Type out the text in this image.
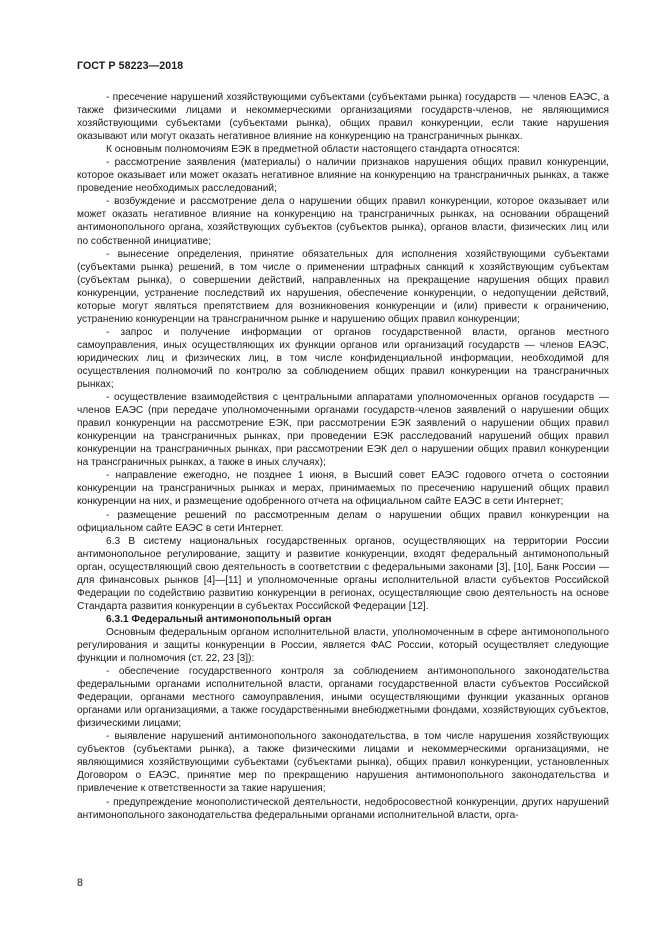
ГОСТ Р 58223—2018

- пресечение нарушений хозяйствующими субъектами (субъектами рынка) государств — членов ЕАЭС, а также физическими лицами и некоммерческими организациями государств-членов, не являющимися хозяйствующими субъектами (субъектами рынка), общих правил конкуренции, если такие нарушения оказывают или могут оказать негативное влияние на конкуренцию на трансграничных рынках.

К основным полномочиям ЕЭК в предметной области настоящего стандарта относятся:

- рассмотрение заявления (материалы) о наличии признаков нарушения общих правил конкуренции, которое оказывает или может оказать негативное влияние на конкуренцию на трансграничных рынках, а также проведение необходимых расследований;

- возбуждение и рассмотрение дела о нарушении общих правил конкуренции, которое оказывает или может оказать негативное влияние на конкуренцию на трансграничных рынках, на основании обращений антимонопольного органа, хозяйствующих субъектов (субъектов рынка), органов власти, физических лиц или по собственной инициативе;

- вынесение определения, принятие обязательных для исполнения хозяйствующими субъектами (субъектами рынка) решений, в том числе о применении штрафных санкций к хозяйствующим субъектам (субъектам рынка), о совершении действий, направленных на прекращение нарушения общих правил конкуренции, устранение последствий их нарушения, обеспечение конкуренции, о недопущении действий, которые могут являться препятствием для возникновения конкуренции и (или) привести к ограничению, устранению конкуренции на трансграничном рынке и нарушению общих правил конкуренции;

- запрос и получение информации от органов государственной власти, органов местного самоуправления, иных осуществляющих их функции органов или организаций государств — членов ЕАЭС, юридических лиц и физических лиц, в том числе конфиденциальной информации, необходимой для осуществления полномочий по контролю за соблюдением общих правил конкуренции на трансграничных рынках;

- осуществление взаимодействия с центральными аппаратами уполномоченных органов государств — членов ЕАЭС (при передаче уполномоченными органами государств-членов заявлений о нарушении общих правил конкуренции на рассмотрение ЕЭК, при рассмотрении ЕЭК заявлений о нарушении общих правил конкуренции на трансграничных рынках, при проведении ЕЭК расследований нарушений общих правил конкуренции на трансграничных рынках, при рассмотрении ЕЭК дел о нарушении общих правил конкуренции на трансграничных рынках, а также в иных случаях);

- направление ежегодно, не позднее 1 июня, в Высший совет ЕАЭС годового отчета о состоянии конкуренции на трансграничных рынках и мерах, принимаемых по пресечению нарушений общих правил конкуренции на них, и размещение одобренного отчета на официальном сайте ЕАЭС в сети Интернет;

- размещение решений по рассмотренным делам о нарушении общих правил конкуренции на официальном сайте ЕАЭС в сети Интернет.

6.3 В систему национальных государственных органов, осуществляющих на территории России антимонопольное регулирование, защиту и развитие конкуренции, входят федеральный антимонопольный орган, осуществляющий свою деятельность в соответствии с федеральными законами [3], [10], Банк России — для финансовых рынков [4]—[11] и уполномоченные органы исполнительной власти субъектов Российской Федерации по содействию развитию конкуренции в регионах, осуществляющие свою деятельность на основе Стандарта развития конкуренции в субъектах Российской Федерации [12].

6.3.1 Федеральный антимонопольный орган

Основным федеральным органом исполнительной власти, уполномоченным в сфере антимонопольного регулирования и защиты конкуренции в России, является ФАС России, который осуществляет следующие функции и полномочия (ст. 22, 23 [3]):

- обеспечение государственного контроля за соблюдением антимонопольного законодательства федеральными органами исполнительной власти, органами государственной власти субъектов Российской Федерации, органами местного самоуправления, иными осуществляющими функции указанных органов органами или организациями, а также государственными внебюджетными фондами, хозяйствующих субъектов, физическими лицами;

- выявление нарушений антимонопольного законодательства, в том числе нарушения хозяйствующих субъектов (субъектами рынка), а также физическими лицами и некоммерческими организациями, не являющимися хозяйствующими субъектами (субъектами рынка), общих правил конкуренции, установленных Договором о ЕАЭС, принятие мер по прекращению нарушения антимонопольного законодательства и привлечение к ответственности за такие нарушения;

- предупреждение монополистической деятельности, недобросовестной конкуренции, других нарушений антимонопольного законодательства федеральными органами исполнительной власти, орга-

8
